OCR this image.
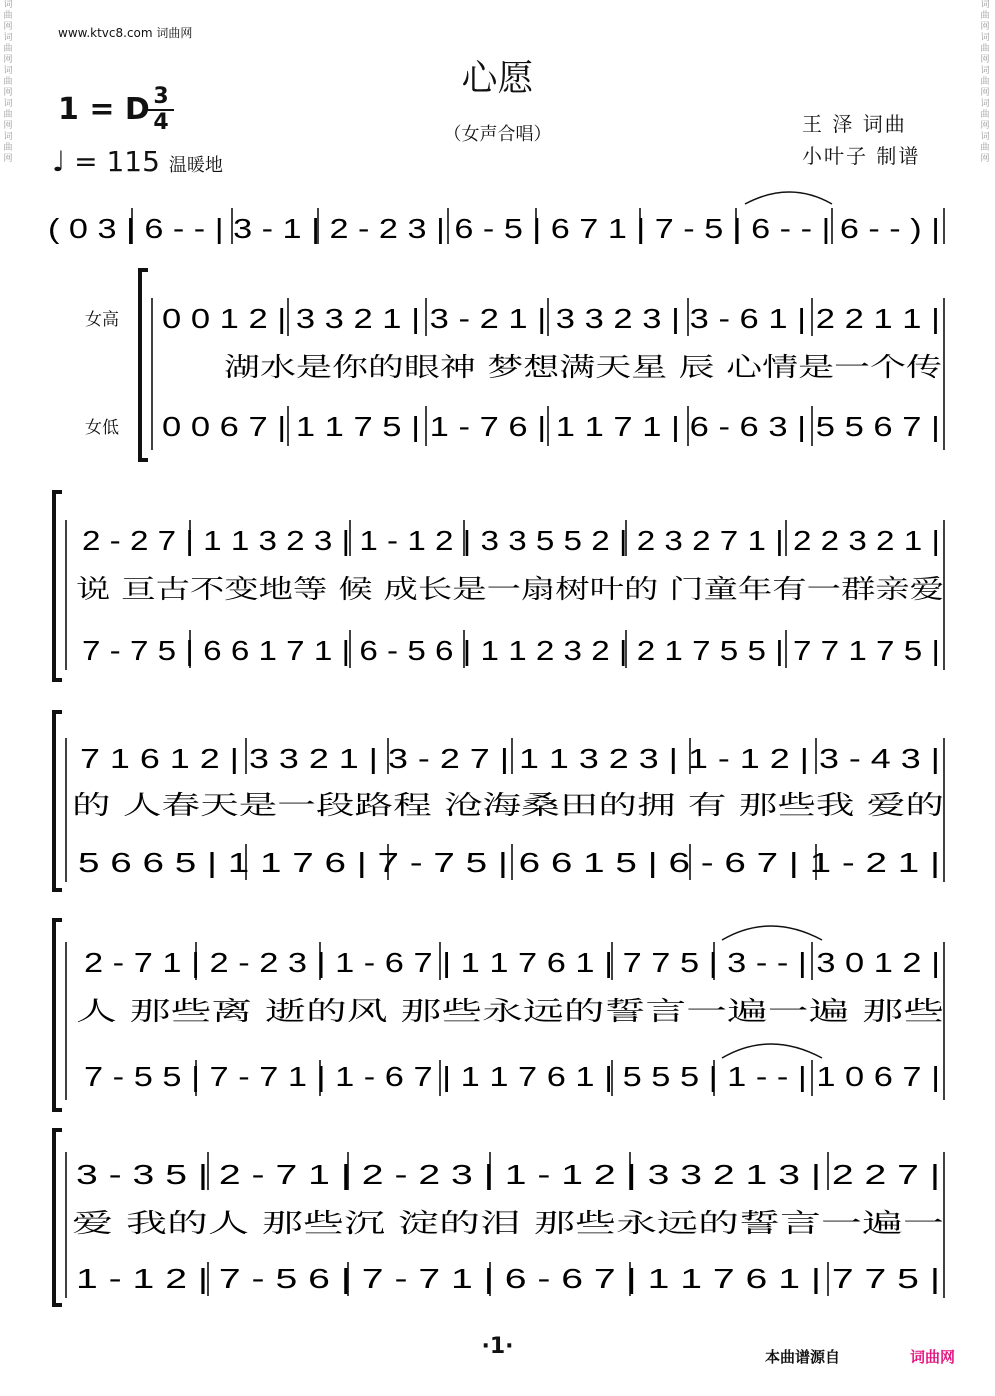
www.ktvc8.com 词曲网
心愿
（女声合唱）
1 = D 3
4
♩ = 115 温暖地
王 泽 词曲
小叶子 制谱
词曲网词曲网词曲网词曲网词曲网
词曲网词曲网词曲网词曲网词曲网
女高
女低
( 0 3 | 6 - - | 3 - 1 | 2 - 2 3 | 6 - 5 | 6 7 1 | 7 - 5 | 6 - - | 6 - - ) |
0 0 1 2 | 3 3 2 1 | 3 - 2 1 | 3 3 2 3 | 3 - 6 1 | 2 2 1 1 |
湖水是你的眼神 梦想满天星 辰 心情是一个传
0 0 6 7 | 1 1 7 5 | 1 - 7 6 | 1 1 7 1 | 6 - 6 3 | 5 5 6 7 |
2 - 2 7 | 1 1 3 2 3 | 1 - 1 2 | 3 3 5 5 2 | 2 3 2 7 1 | 2 2 3 2 1 |
说 亘古不变地等 候 成长是一扇树叶的 门童年有一群亲爱
7 - 7 5 | 6 6 1 7 1 | 6 - 5 6 | 1 1 2 3 2 | 2 1 7 5 5 | 7 7 1 7 5 |
7 1 6 1 2 | 3 3 2 1 | 3 - 2 7 | 1 1 3 2 3 | 1 - 1 2 | 3 - 4 3 |
的 人春天是一段路程 沧海桑田的拥 有 那些我 爱的
5 6 6 5 | 1 1 7 6 | 7 - 7 5 | 6 6 1 5 | 6 - 6 7 | 1 - 2 1 |
2 - 7 1 | 2 - 2 3 | 1 - 6 7 | 1 1 7 6 1 | 7 7 5 | 3 - - | 3 0 1 2 |
人 那些离 逝的风 那些永远的誓言一遍一遍 那些
7 - 5 5 | 7 - 7 1 | 1 - 6 7 | 1 1 7 6 1 | 5 5 5 | 1 - - | 1 0 6 7 |
3 - 3 5 | 2 - 7 1 | 2 - 2 3 | 1 - 1 2 | 3 3 2 1 3 | 2 2 7 |
爱 我的人 那些沉 淀的泪 那些永远的誓言一遍一
1 - 1 2 | 7 - 5 6 | 7 - 7 1 | 6 - 6 7 | 1 1 7 6 1 | 7 7 5 |
·1·	本曲谱源自	词曲网
